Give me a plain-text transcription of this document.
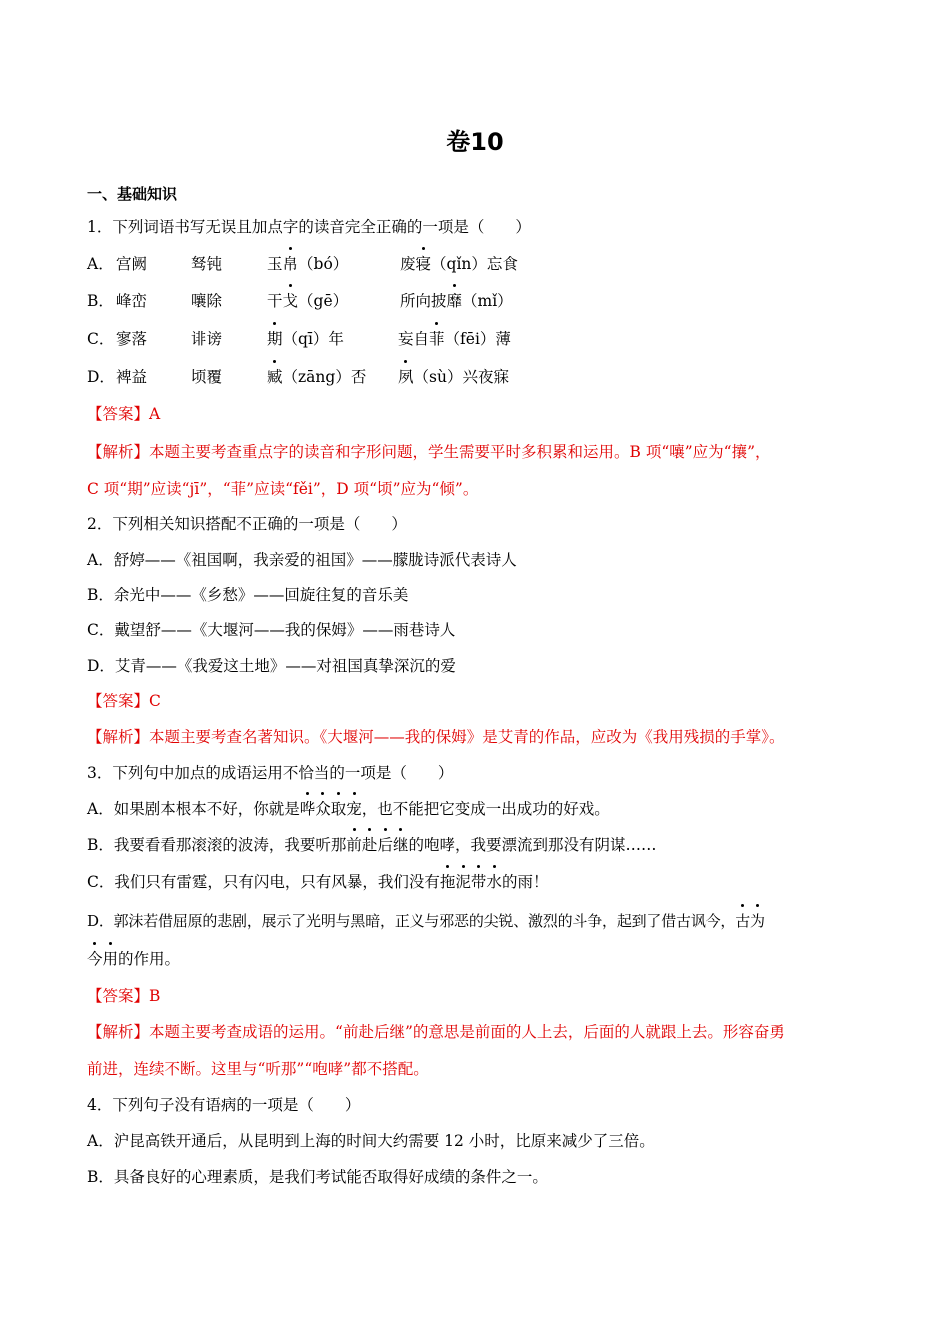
卷10
一、基础知识
1．下列词语书写无误且加点字的读音完全正确的一项是（　　）
A． 宫阙	驽钝	玉帛（bó）	废寝（qǐn）忘食
B． 峰峦	嚷除	干戈（gē）	所向披靡（mǐ）
C． 寥落	诽谤	期（qī）年	妄自菲（fēi）薄
D． 裨益	顷覆	臧（zāng）否 夙（sù）兴夜寐
【答案】A
【解析】本题主要考查重点字的读音和字形问题，学生需要平时多积累和运用。B 项“嚷”应为“攘”，
C 项“期”应读“jī”，“菲”应读“fěi”，D 项“顷”应为“倾”。
2．下列相关知识搭配不正确的一项是（　　）
A．舒婷——《祖国啊，我亲爱的祖国》——朦胧诗派代表诗人
B．余光中——《乡愁》——回旋往复的音乐美
C．戴望舒——《大堰河——我的保姆》——雨巷诗人
D．艾青——《我爱这土地》——对祖国真挚深沉的爱
【答案】C
【解析】本题主要考查名著知识。《大堰河——我的保姆》是艾青的作品，应改为《我用残损的手掌》。
3．下列句中加点的成语运用不恰当的一项是（　　）
A．如果剧本根本不好，你就是哗众取宠，也不能把它变成一出成功的好戏。
B．我要看看那滚滚的波涛，我要听那前赴后继的咆哮，我要漂流到那没有阴谋……
C．我们只有雷霆，只有闪电，只有风暴，我们没有拖泥带水的雨！
D．郭沫若借屈原的悲剧，展示了光明与黑暗，正义与邪恶的尖锐、激烈的斗争，起到了借古讽今，古为
今用的作用。
【答案】B
【解析】本题主要考查成语的运用。“前赴后继”的意思是前面的人上去，后面的人就跟上去。形容奋勇
前进，连续不断。这里与“听那”“咆哮”都不搭配。
4．下列句子没有语病的一项是（　　）
A．沪昆高铁开通后，从昆明到上海的时间大约需要 12 小时，比原来减少了三倍。
B．具备良好的心理素质，是我们考试能否取得好成绩的条件之一。
